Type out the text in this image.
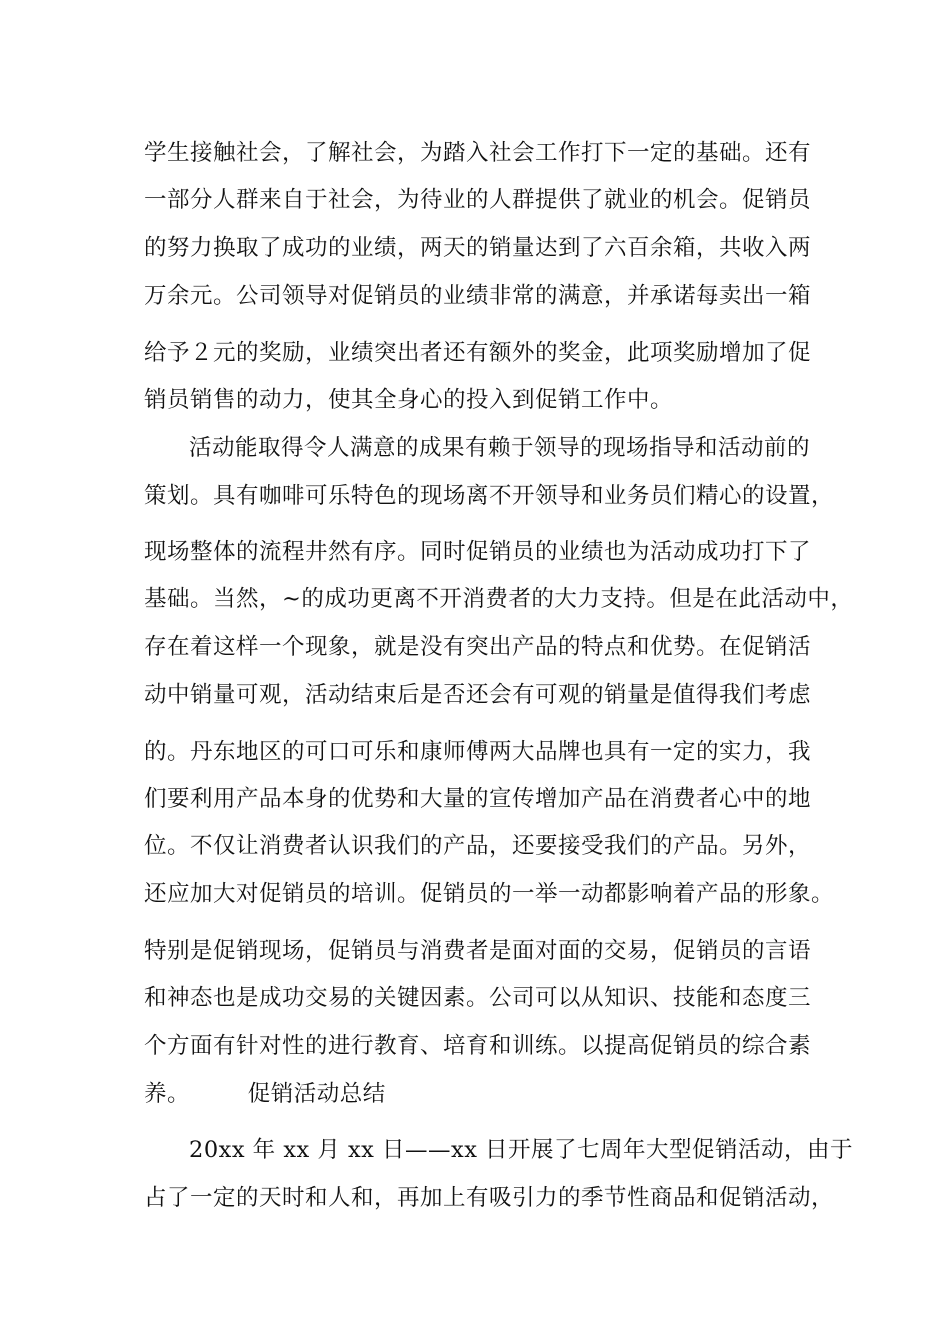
学生接触社会，了解社会，为踏入社会工作打下一定的基础。还有
一部分人群来自于社会，为待业的人群提供了就业的机会。促销员
的努力换取了成功的业绩，两天的销量达到了六百余箱，共收入两
万余元。公司领导对促销员的业绩非常的满意，并承诺每卖出一箱
给予２元的奖励，业绩突出者还有额外的奖金，此项奖励增加了促
销员销售的动力，使其全身心的投入到促销工作中。
活动能取得令人满意的成果有赖于领导的现场指导和活动前的
策划。具有咖啡可乐特色的现场离不开领导和业务员们精心的设置，
现场整体的流程井然有序。同时促销员的业绩也为活动成功打下了
基础。当然，~的成功更离不开消费者的大力支持。但是在此活动中，
存在着这样一个现象，就是没有突出产品的特点和优势。在促销活
动中销量可观，活动结束后是否还会有可观的销量是值得我们考虑
的。丹东地区的可口可乐和康师傅两大品牌也具有一定的实力，我
们要利用产品本身的优势和大量的宣传增加产品在消费者心中的地
位。不仅让消费者认识我们的产品，还要接受我们的产品。另外，
还应加大对促销员的培训。促销员的一举一动都影响着产品的形象。
特别是促销现场，促销员与消费者是面对面的交易，促销员的言语
和神态也是成功交易的关键因素。公司可以从知识、技能和态度三
个方面有针对性的进行教育、培育和训练。以提高促销员的综合素
养。　　　促销活动总结
20xx 年 xx 月 xx 日——xx 日开展了七周年大型促销活动，由于
占了一定的天时和人和，再加上有吸引力的季节性商品和促销活动，
